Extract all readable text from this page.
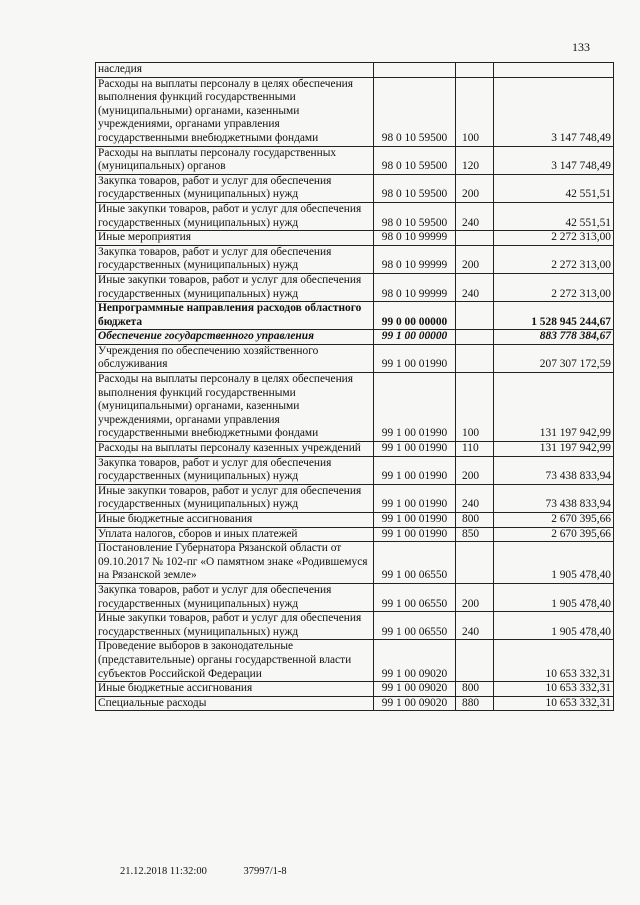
133
наследия			
Расходы на выплаты персоналу в целях обеспечения выполнения функций государственными (муниципальными) органами, казенными учреждениями, органами управления государственными внебюджетными фондами	98 0 10 59500	100	3 147 748,49
Расходы на выплаты персоналу государственных (муниципальных) органов	98 0 10 59500	120	3 147 748,49
Закупка товаров, работ и услуг для обеспечения государственных (муниципальных) нужд	98 0 10 59500	200	42 551,51
Иные закупки товаров, работ и услуг для обеспечения государственных (муниципальных) нужд	98 0 10 59500	240	42 551,51
Иные мероприятия	98 0 10 99999		2 272 313,00
Закупка товаров, работ и услуг для обеспечения государственных (муниципальных) нужд	98 0 10 99999	200	2 272 313,00
Иные закупки товаров, работ и услуг для обеспечения государственных (муниципальных) нужд	98 0 10 99999	240	2 272 313,00
Непрограммные направления расходов областного бюджета	99 0 00 00000		1 528 945 244,67
Обеспечение государственного управления	99 1 00 00000		883 778 384,67
Учреждения по обеспечению хозяйственного обслуживания	99 1 00 01990		207 307 172,59
Расходы на выплаты персоналу в целях обеспечения выполнения функций государственными (муниципальными) органами, казенными учреждениями, органами управления государственными внебюджетными фондами	99 1 00 01990	100	131 197 942,99
Расходы на выплаты персоналу казенных учреждений	99 1 00 01990	110	131 197 942,99
Закупка товаров, работ и услуг для обеспечения государственных (муниципальных) нужд	99 1 00 01990	200	73 438 833,94
Иные закупки товаров, работ и услуг для обеспечения государственных (муниципальных) нужд	99 1 00 01990	240	73 438 833,94
Иные бюджетные ассигнования	99 1 00 01990	800	2 670 395,66
Уплата налогов, сборов и иных платежей	99 1 00 01990	850	2 670 395,66
Постановление Губернатора Рязанской области от 09.10.2017 № 102-пг «О памятном знаке «Родившемуся на Рязанской земле»	99 1 00 06550		1 905 478,40
Закупка товаров, работ и услуг для обеспечения государственных (муниципальных) нужд	99 1 00 06550	200	1 905 478,40
Иные закупки товаров, работ и услуг для обеспечения государственных (муниципальных) нужд	99 1 00 06550	240	1 905 478,40
Проведение выборов в законодательные (представительные) органы государственной власти субъектов Российской Федерации	99 1 00 09020		10 653 332,31
Иные бюджетные ассигнования	99 1 00 09020	800	10 653 332,31
Специальные расходы	99 1 00 09020	880	10 653 332,31
21.12.2018 11:32:00	37997/1-8
